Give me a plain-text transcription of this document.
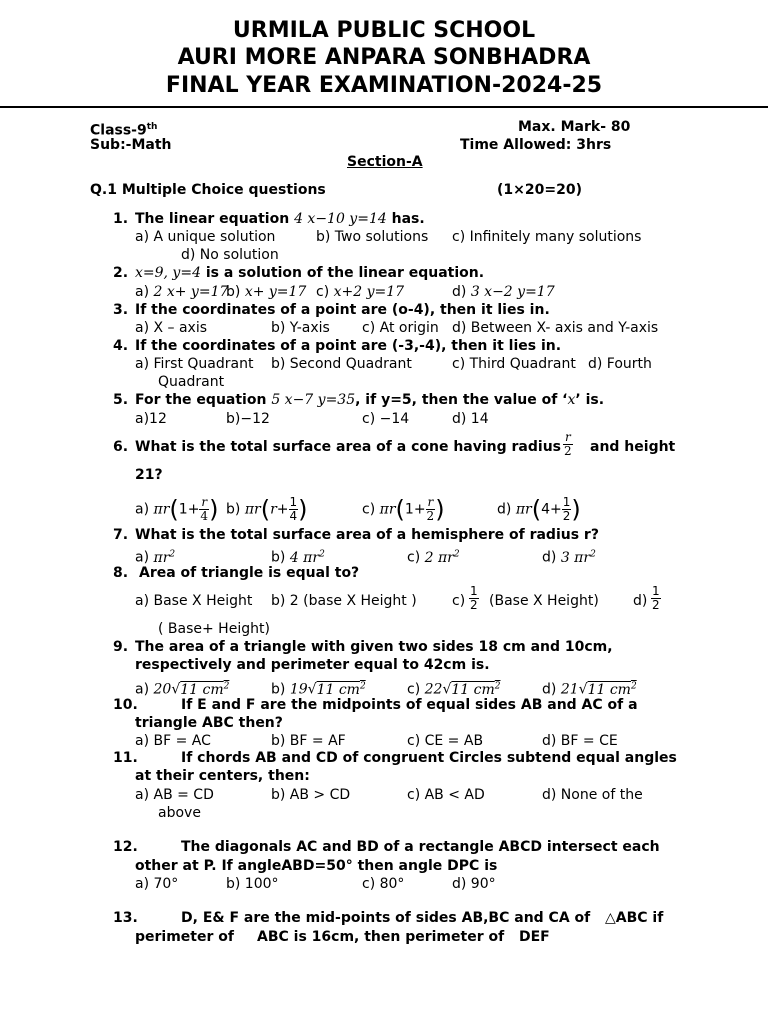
URMILA PUBLIC SCHOOL
AURI MORE ANPARA SONBHADRA
FINAL YEAR EXAMINATION-2024-25
Class-9th	Max. Mark- 80
Sub:-Math	Time Allowed: 3hrs
Section-A
Q.1 Multiple Choice questions	(1×20=20)
1. The linear equation 4 x−10 y=14 has.
a) A unique solution	b) Two solutions c) Infinitely many solutions
d) No solution
2. x=9, y=4 is a solution of the linear equation.
a) 2 x+ y=17
b) x+ y=17 c) x+2 y=17	d) 3 x−2 y=17
3. If the coordinates of a point are (o-4), then it lies in.
a) X – axis	b) Y-axis c) At origin d) Between X- axis and Y-axis
4. If the coordinates of a point are (-3,-4), then it lies in.
a) First Quadrant b) Second Quadrant	c) Third Quadrant d) Fourth
Quadrant
5. For the equation 5 x−7 y=35, if y=5, then the value of ‘x’ is.
a)12	b)−12	c) −14	d) 14
6. What is the total surface area of a cone having radius $\frac{r}{2}$ and height
21?
a) $\pi r(1+ \frac{r}{4}$ ) b) $\pi r(r+ \frac{1}{4}$ )	c) $\pi r(1+ \frac{r}{2}$ )	d) $\pi r(4+ \frac{1}{2}$ )
7. What is the total surface area of a hemisphere of radius r?
a) $\pi r^2$	b) 4 $\pi r^2$	c) 2 $\pi r^2$	d) 3 $\pi r^2$
8. Area of triangle is equal to?
a) Base X Height b) 2 (base X Height )	$c) \frac{1}{2}$ (Base X Height) $d) \frac{1}{2}$
( Base+ Height)
9. The area of a triangle with given two sides 18 cm and 10cm,
respectively and perimeter equal to 42cm is.
a) 20√11 $cm^2$	b) 19√11 $cm^2$	c) 22√11 $cm^2$	d) 21√11 $cm^2$
10.	If E and F are the midpoints of equal sides AB and AC of a
triangle ABC then?
a) BF = AC	b) BF = AF	c) CE = AB	d) BF = CE
11.	If chords AB and CD of congruent Circles subtend equal angles
at their centers, then:
a) AB = CD	b) AB > CD	c) AB < AD	d) None of the
above
12.	The diagonals AC and BD of a rectangle ABCD intersect each
other at P. If angleABD=50° then angle DPC is
a) 70°	b) 100°	c) 80°	d) 90°
13.	D, E& F are the mid-points of sides AB,BC and CA of △ABC if
perimeter of ABC is 16cm, then perimeter of DEF
